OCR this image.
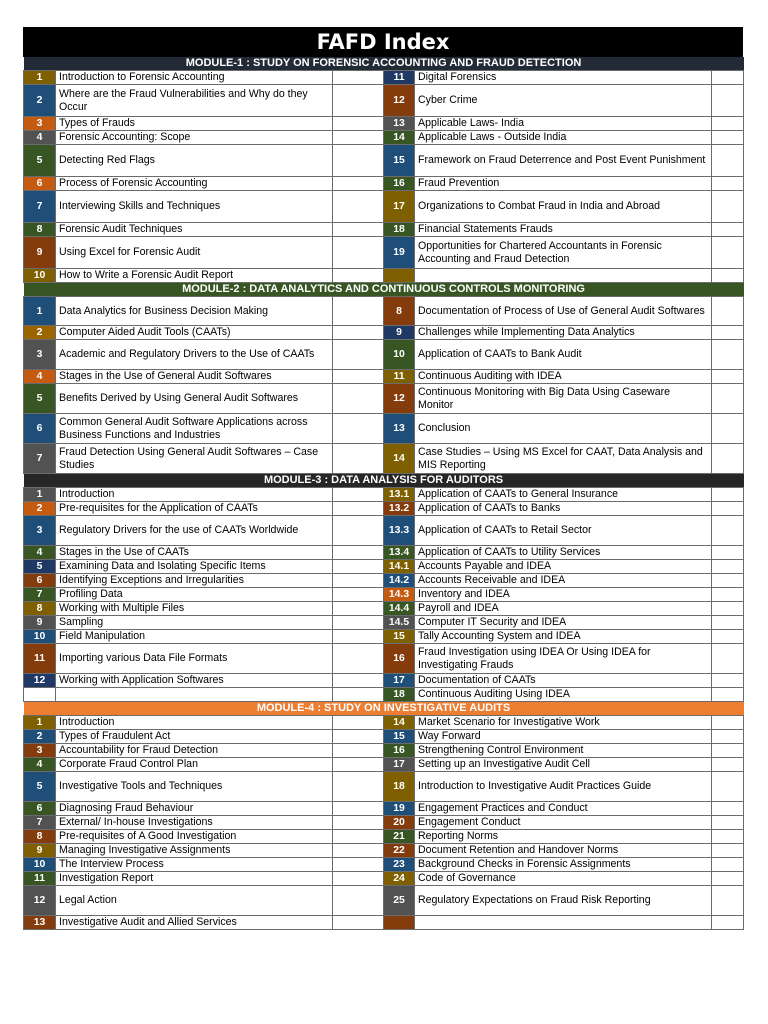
FAFD Index
MODULE-1 : STUDY ON FORENSIC ACCOUNTING AND FRAUD DETECTION					
1	Introduction to Forensic Accounting		11	Digital Forensics	
2	Where are the Fraud Vulnerabilities and Why do they Occur		12	Cyber Crime	
3	Types of Frauds		13	Applicable Laws- India	
4	Forensic Accounting: Scope		14	Applicable Laws - Outside India	
5	Detecting Red Flags		15	Framework on Fraud Deterrence and Post Event Punishment	
6	Process of Forensic Accounting		16	Fraud Prevention	
7	Interviewing Skills and Techniques		17	Organizations to Combat Fraud in India and Abroad	
8	Forensic Audit Techniques		18	Financial Statements Frauds	
9	Using Excel for Forensic Audit		19	Opportunities for Chartered Accountants in Forensic Accounting and Fraud Detection	
10	How to Write a Forensic Audit Report				
MODULE-2 : DATA ANALYTICS AND CONTINUOUS CONTROLS MONITORING					
1	Data Analytics for Business Decision Making		8	Documentation of Process of Use of General Audit Softwares	
2	Computer Aided Audit Tools (CAATs)		9	Challenges while Implementing Data Analytics	
3	Academic and Regulatory Drivers to the Use of CAATs		10	Application of CAATs to Bank Audit	
4	Stages in the Use of General Audit Softwares		11	Continuous Auditing with IDEA	
5	Benefits Derived by Using General Audit Softwares		12	Continuous Monitoring with Big Data Using Caseware Monitor	
6	Common General Audit Software Applications across Business Functions and Industries		13	Conclusion	
7	Fraud Detection Using General Audit Softwares – Case Studies		14	Case Studies – Using MS Excel for CAAT, Data Analysis and MIS Reporting	
MODULE-3 : DATA ANALYSIS FOR AUDITORS					
1	Introduction		13.1	Application of CAATs to General Insurance	
2	Pre-requisites for the Application of CAATs		13.2	Application of CAATs to Banks	
3	Regulatory Drivers for the use of CAATs Worldwide		13.3	Application of CAATs to Retail Sector	
4	Stages in the Use of CAATs		13.4	Application of CAATs to Utility Services	
5	Examining Data and Isolating Specific Items		14.1	Accounts Payable and IDEA	
6	Identifying Exceptions and Irregularities		14.2	Accounts Receivable and IDEA	
7	Profiling Data		14.3	Inventory and IDEA	
8	Working with Multiple Files		14.4	Payroll and IDEA	
9	Sampling		14.5	Computer IT Security and IDEA	
10	Field Manipulation		15	Tally Accounting System and IDEA	
11	Importing various Data File Formats		16	Fraud Investigation using IDEA Or Using IDEA for Investigating Frauds	
12	Working with Application Softwares		17	Documentation of CAATs	
			18	Continuous Auditing Using IDEA	
MODULE-4 : STUDY ON INVESTIGATIVE AUDITS					
1	Introduction		14	Market Scenario for Investigative Work	
2	Types of Fraudulent Act		15	Way Forward	
3	Accountability for Fraud Detection		16	Strengthening Control Environment	
4	Corporate Fraud Control Plan		17	Setting up an Investigative Audit Cell	
5	Investigative Tools and Techniques		18	Introduction to Investigative Audit Practices Guide	
6	Diagnosing Fraud Behaviour		19	Engagement Practices and Conduct	
7	External/ In-house Investigations		20	Engagement Conduct	
8	Pre-requisites of A Good Investigation		21	Reporting Norms	
9	Managing Investigative Assignments		22	Document Retention and Handover Norms	
10	The Interview Process		23	Background Checks in Forensic Assignments	
11	Investigation Report		24	Code of Governance	
12	Legal Action		25	Regulatory Expectations on Fraud Risk Reporting	
13	Investigative Audit and Allied Services				
